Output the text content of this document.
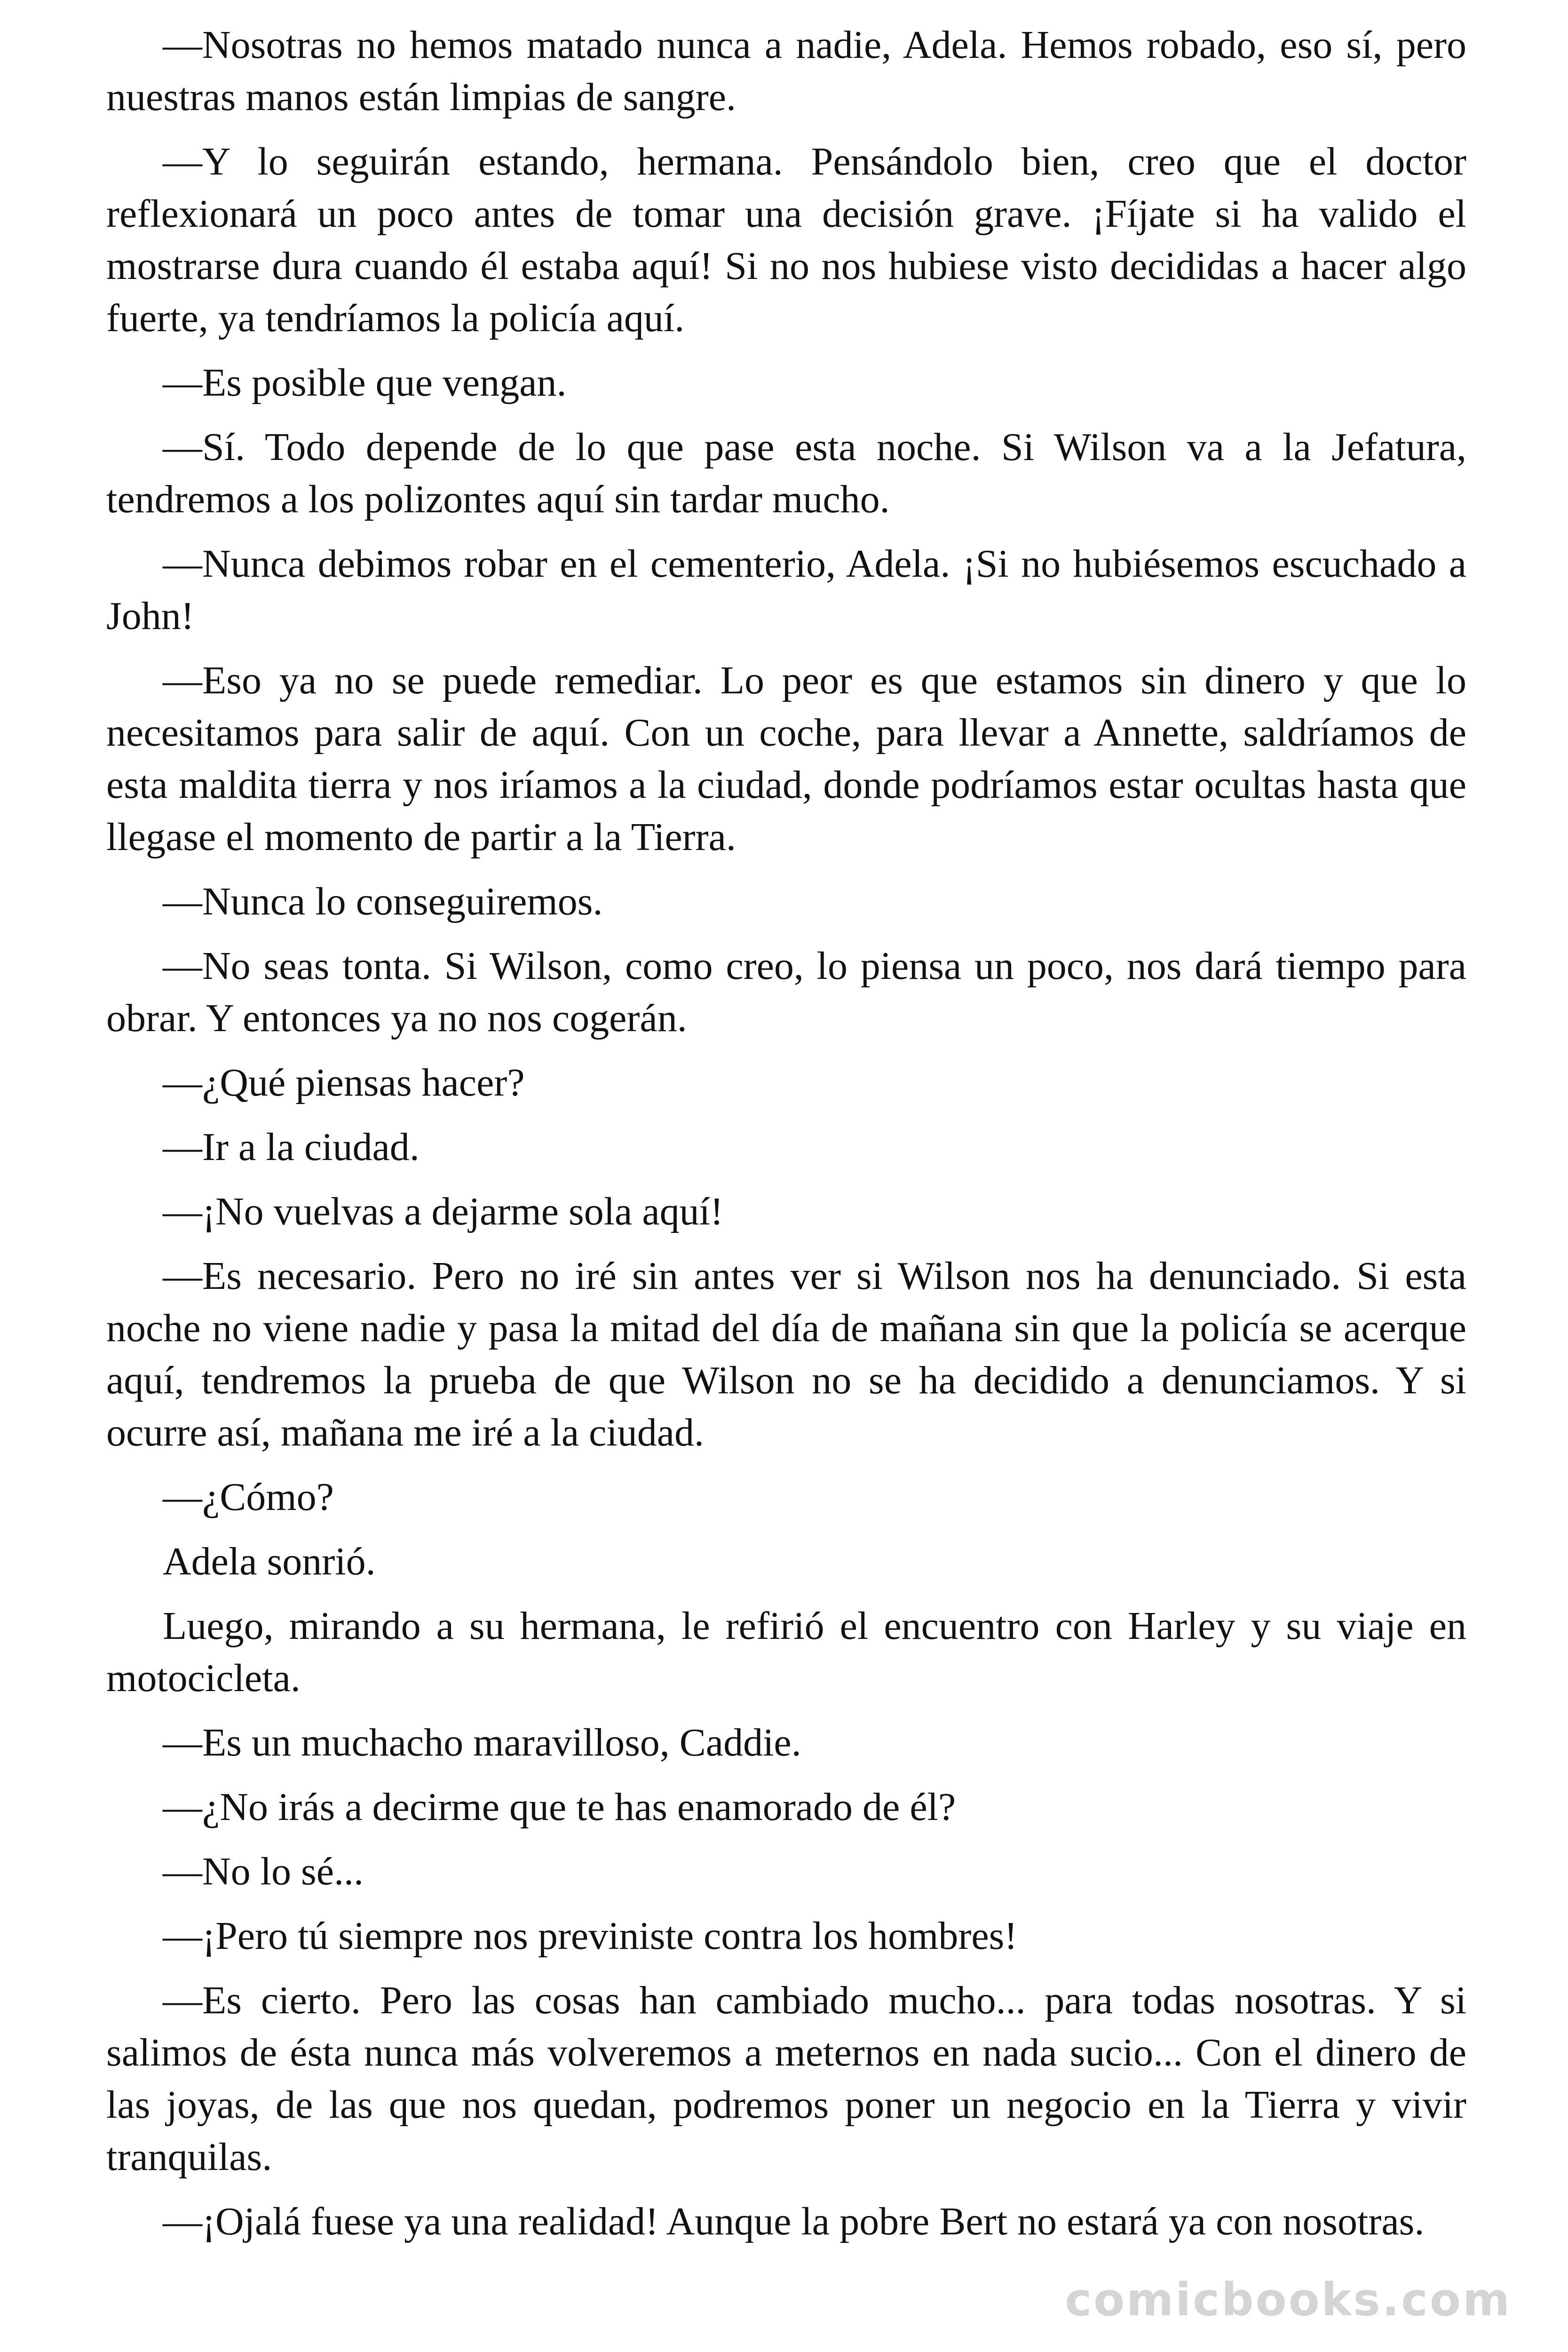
—Nosotras no hemos matado nunca a nadie, Adela. Hemos robado, eso sí, pero nuestras manos están limpias de sangre.

—Y lo seguirán estando, hermana. Pensándolo bien, creo que el doctor reflexionará un poco antes de tomar una decisión grave. ¡Fíjate si ha valido el mostrarse dura cuando él estaba aquí! Si no nos hubiese visto decididas a hacer algo fuerte, ya tendríamos la policía aquí.

—Es posible que vengan.

—Sí. Todo depende de lo que pase esta noche. Si Wilson va a la Jefatura, tendremos a los polizontes aquí sin tardar mucho.

—Nunca debimos robar en el cementerio, Adela. ¡Si no hubiésemos escuchado a John!

—Eso ya no se puede remediar. Lo peor es que estamos sin dinero y que lo necesitamos para salir de aquí. Con un coche, para llevar a Annette, saldríamos de esta maldita tierra y nos iríamos a la ciudad, donde podríamos estar ocultas hasta que llegase el momento de partir a la Tierra.

—Nunca lo conseguiremos.

—No seas tonta. Si Wilson, como creo, lo piensa un poco, nos dará tiempo para obrar. Y entonces ya no nos cogerán.

—¿Qué piensas hacer?

—Ir a la ciudad.

—¡No vuelvas a dejarme sola aquí!

—Es necesario. Pero no iré sin antes ver si Wilson nos ha denunciado. Si esta noche no viene nadie y pasa la mitad del día de mañana sin que la policía se acerque aquí, tendremos la prueba de que Wilson no se ha decidido a denunciamos. Y si ocurre así, mañana me iré a la ciudad.

—¿Cómo?

Adela sonrió.

Luego, mirando a su hermana, le refirió el encuentro con Harley y su viaje en motocicleta.

—Es un muchacho maravilloso, Caddie.

—¿No irás a decirme que te has enamorado de él?

—No lo sé...

—¡Pero tú siempre nos previniste contra los hombres!

—Es cierto. Pero las cosas han cambiado mucho... para todas nosotras. Y si salimos de ésta nunca más volveremos a meternos en nada sucio... Con el dinero de las joyas, de las que nos quedan, podremos poner un negocio en la Tierra y vivir tranquilas.

—¡Ojalá fuese ya una realidad! Aunque la pobre Bert no estará ya con nosotras.

comicbooks.com
